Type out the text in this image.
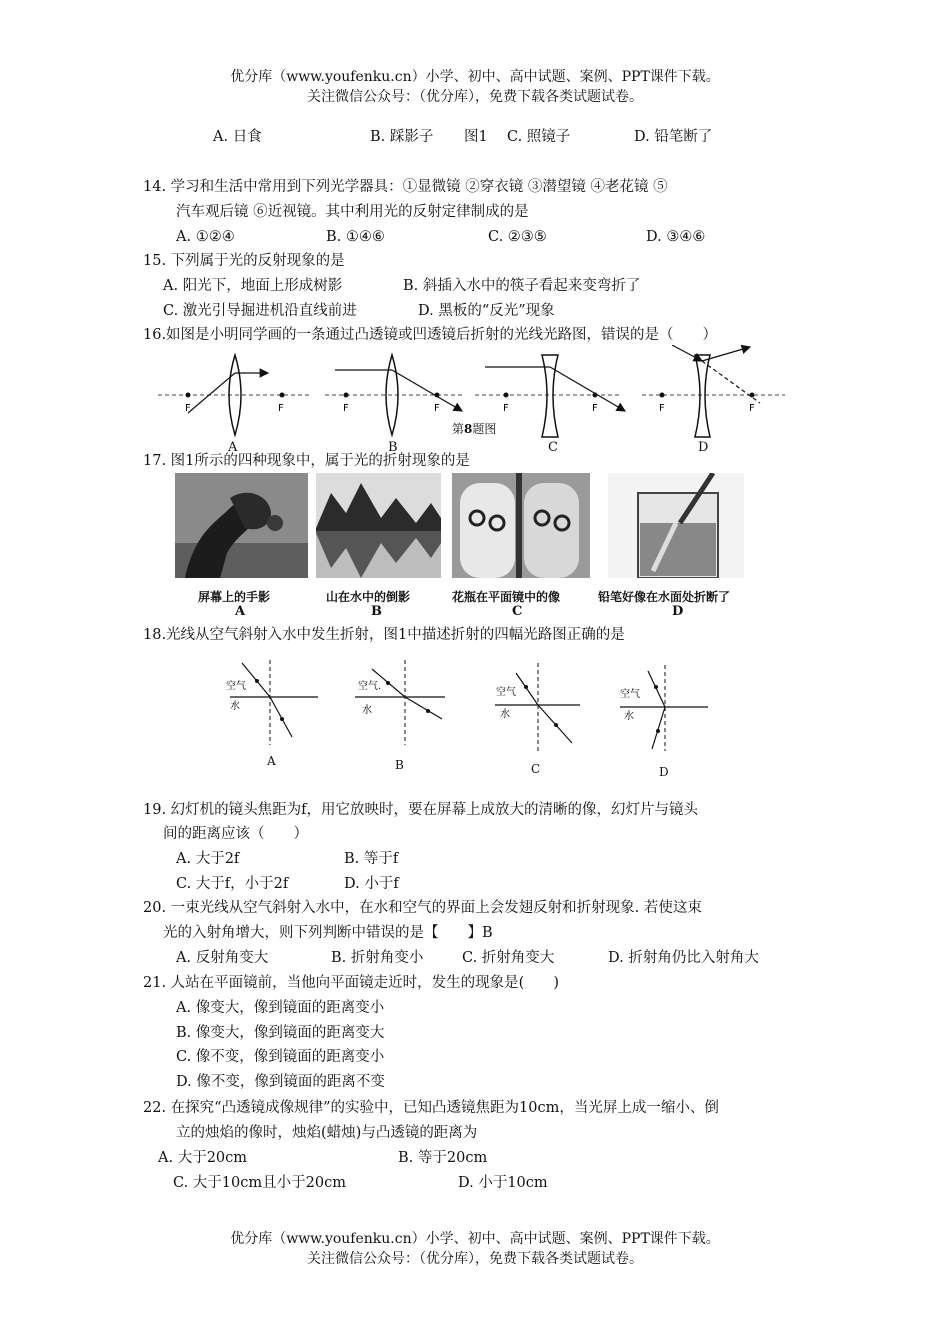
优分库（www.youfenku.cn）小学、初中、高中试题、案例、PPT课件下载。
关注微信公众号：（优分库），免费下载各类试题试卷。
A. 日食	B. 踩影子 图1 C. 照镜子	D. 铅笔断了
14. 学习和生活中常用到下列光学器具：①显微镜 ②穿衣镜 ③潜望镜 ④老花镜 ⑤
汽车观后镜 ⑥近视镜。其中利用光的反射定律制成的是
A. ①②④	B. ①④⑥	C. ②③⑤	D. ③④⑥
15. 下列属于光的反射现象的是
A. 阳光下，地面上形成树影	B. 斜插入水中的筷子看起来变弯折了
C. 激光引导掘进机沿直线前进	D. 黑板的“反光”现象
16.如图是小明同学画的一条通过凸透镜或凹透镜后折射的光线光路图，错误的是（　　）
F	F	F	F	F	F	F	F
A	B	C	D
第8题图
17. 图1所示的四种现象中，属于光的折射现象的是
屏幕上的手影	山在水中的倒影	花瓶在平面镜中的像	铅笔好像在水面处折断了
A	B	C	D
18.光线从空气斜射入水中发生折射，图1中描述折射的四幅光路图正确的是
空气
水
空气.
水
空气
水
空气
水
A	B	C	D
19. 幻灯机的镜头焦距为f，用它放映时，要在屏幕上成放大的清晰的像，幻灯片与镜头
间的距离应该（　　）
A. 大于2f	B. 等于f
C. 大于f，小于2f	D. 小于f
20. 一束光线从空气斜射入水中，在水和空气的界面上会发翅反射和折射现象. 若使这束
光的入射角增大，则下列判断中错误的是【　　】B
A. 反射角变大	B. 折射角变小	C. 折射角变大	D. 折射角仍比入射角大
21. 人站在平面镜前，当他向平面镜走近时，发生的现象是(　　)
A. 像变大，像到镜面的距离变小
B. 像变大，像到镜面的距离变大
C. 像不变，像到镜面的距离变小
D. 像不变，像到镜面的距离不变
22. 在探究“凸透镜成像规律”的实验中，已知凸透镜焦距为10cm，当光屏上成一缩小、倒
立的烛焰的像时，烛焰(蜡烛)与凸透镜的距离为
A. 大于20cm	B. 等于20cm
C. 大于10cm且小于20cm	D. 小于10cm
优分库（www.youfenku.cn）小学、初中、高中试题、案例、PPT课件下载。
关注微信公众号：（优分库），免费下载各类试题试卷。
